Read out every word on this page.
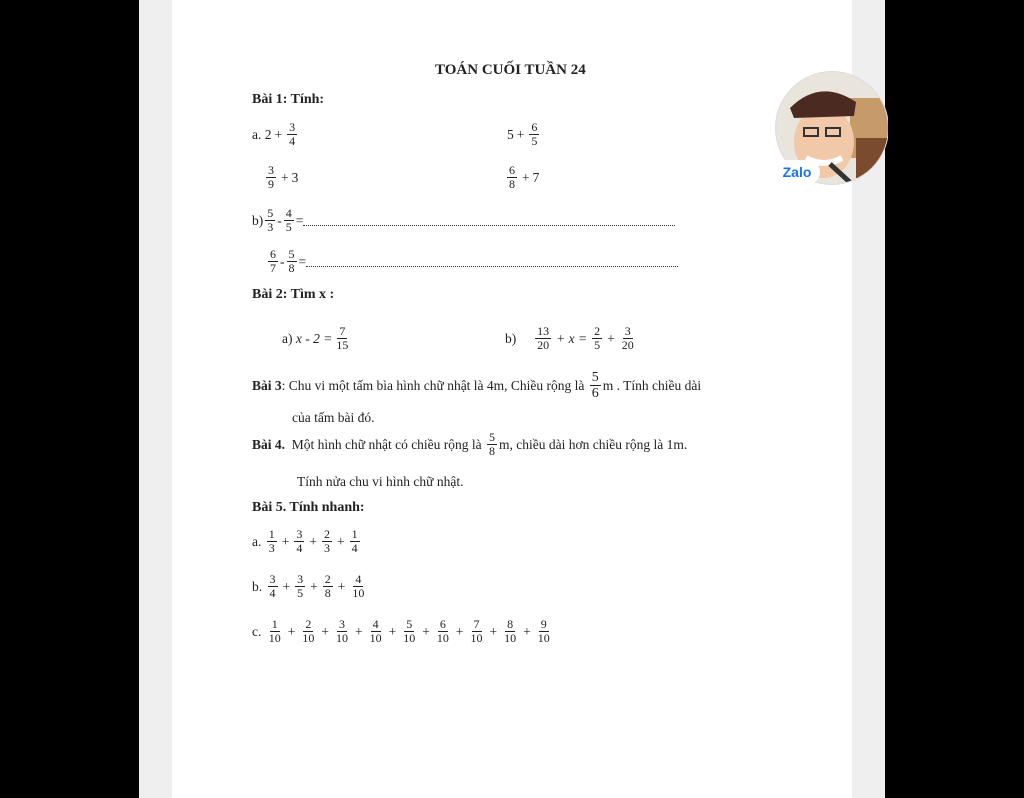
TOÁN CUỐI TUẦN 24
Bài 1: Tính:
a.
$2 + \frac{3}{4}$	$5 + \frac{6}{5}$
$\frac{3}{9} + 3$	$\frac{6}{8} + 7$
$b) \frac{5}{3} - \frac{4}{5}$ =
$\frac{6}{7} - \frac{5}{8}$ =
Bài 2: Tìm x :
a)
$x - 2 = \frac{7}{15}$	b)
$\frac{13}{20} + x = \frac{2}{5} + \frac{3}{20}$
Bài 3 : Chu vi một tấm bìa hình chữ nhật là 4m, Chiều rộng là
$\frac{5}{6}$ m . Tính chiều dài
của tấm bài đó.
Bài 4.
Một hình chữ nhật có chiều rộng là
$\frac{5}{8} m$, chiều dài hơn chiều rộng là 1m.
Tính nửa chu vi hình chữ nhật.
Bài 5. Tính nhanh:
a.
$\frac{1}{3} + \frac{3}{4} + \frac{2}{3} + \frac{1}{4}$
b.
$\frac{3}{4} + \frac{3}{5} + \frac{2}{8} + \frac{4}{10}$
c.
$\frac{1}{10} + \frac{2}{10} + \frac{3}{10} + \frac{4}{10} + \frac{5}{10} + \frac{6}{10} + \frac{7}{10} + \frac{8}{10} + \frac{9}{10}$
Zalo
